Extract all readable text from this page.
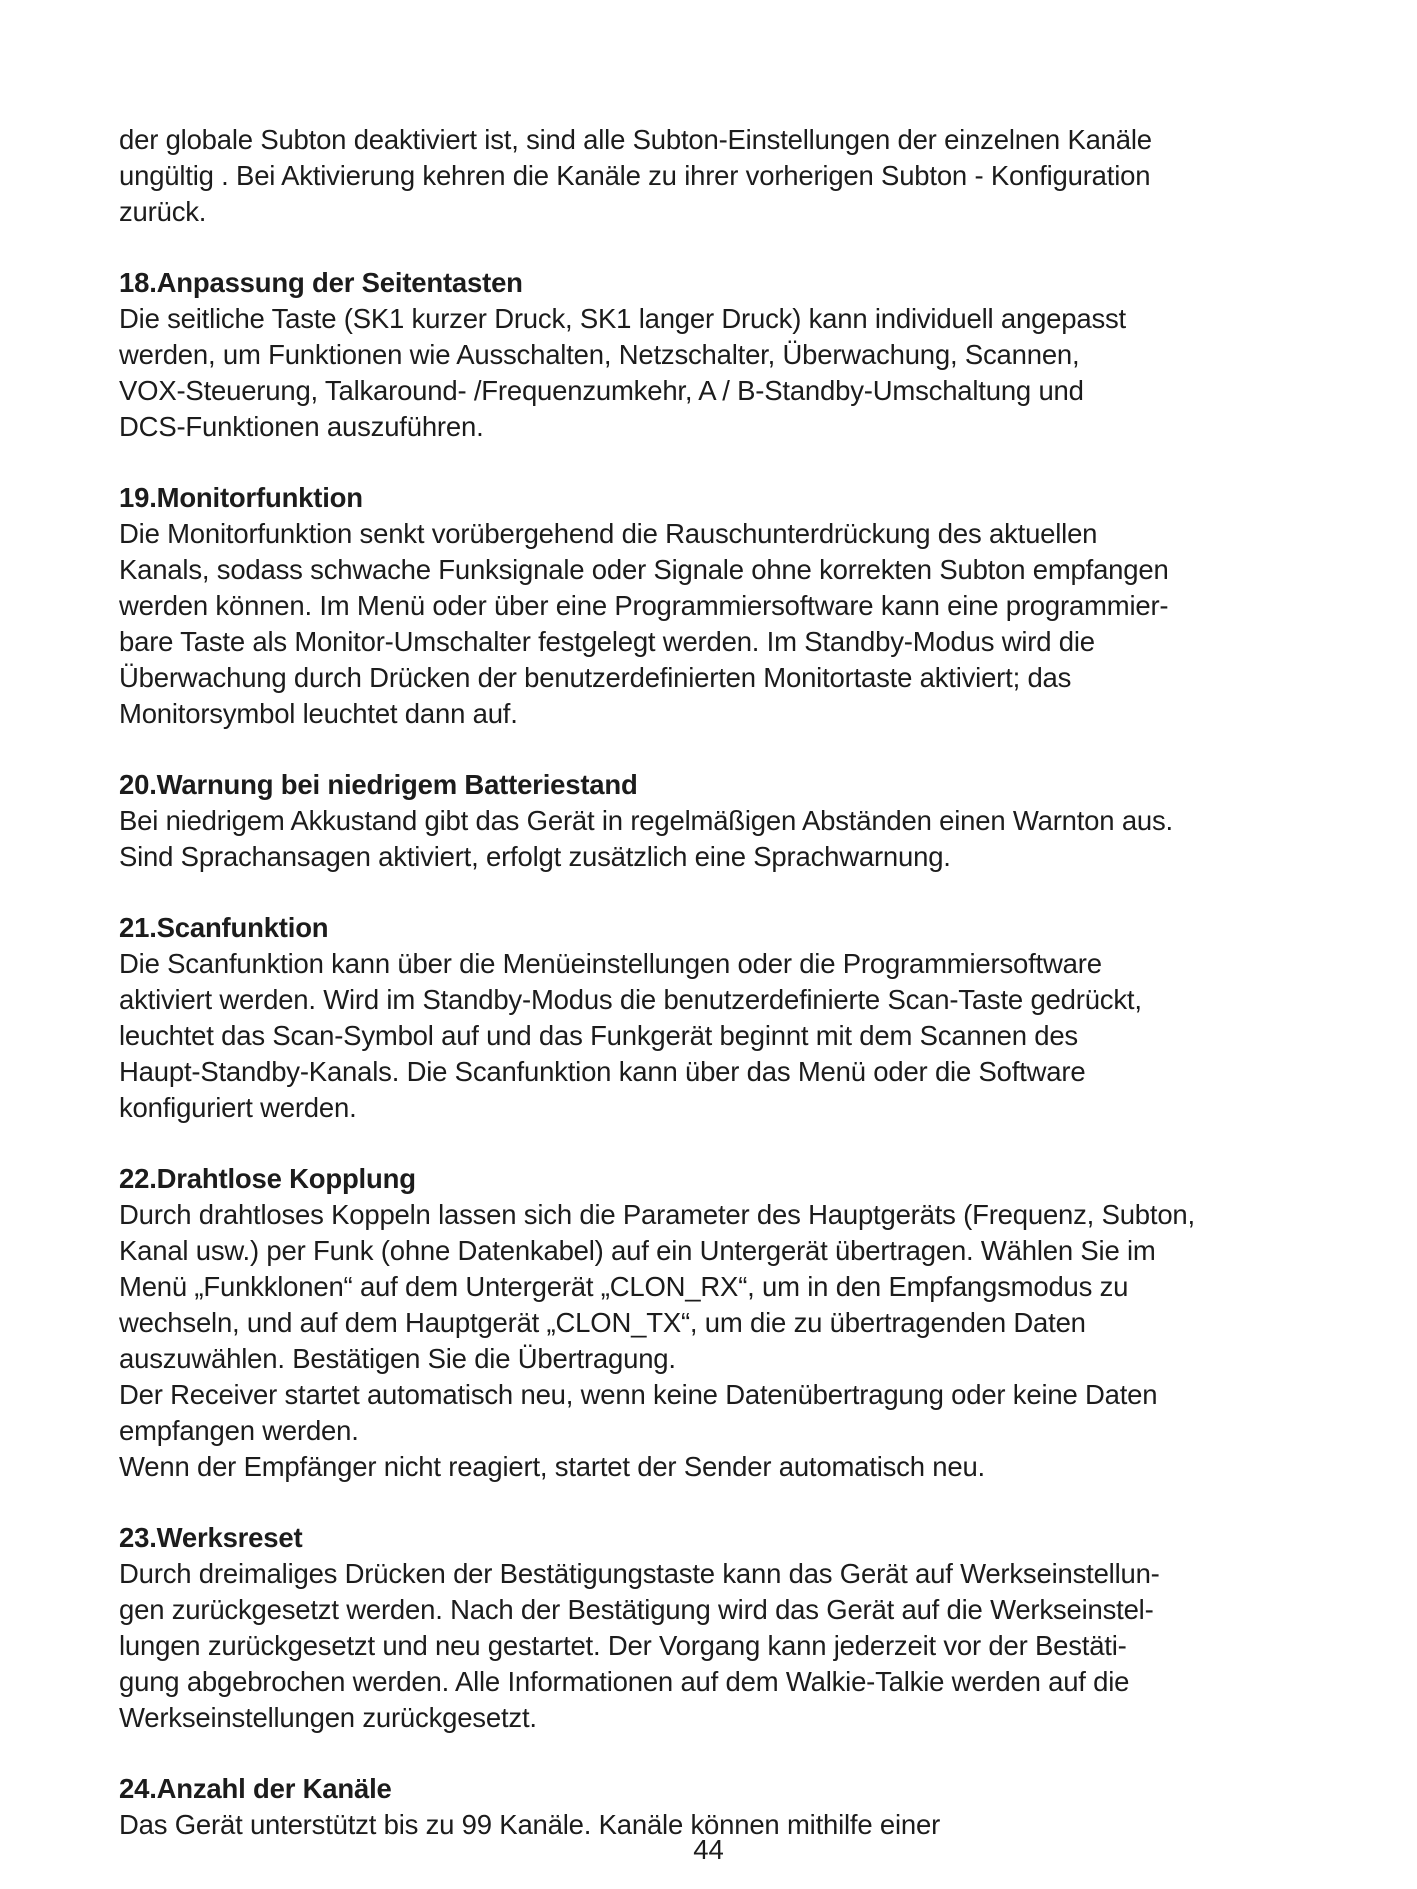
der globale Subton deaktiviert ist, sind alle Subton-Einstellungen der einzelnen Kanäle
ungültig . Bei Aktivierung kehren die Kanäle zu ihrer vorherigen Subton - Konfiguration
zurück.

18.Anpassung der Seitentasten

Die seitliche Taste (SK1 kurzer Druck, SK1 langer Druck) kann individuell angepasst
werden, um Funktionen wie Ausschalten, Netzschalter, Überwachung, Scannen,
VOX-Steuerung, Talkaround- /Frequenzumkehr, A / B-Standby-Umschaltung und
DCS-Funktionen auszuführen.

19.Monitorfunktion

Die Monitorfunktion senkt vorübergehend die Rauschunterdrückung des aktuellen
Kanals, sodass schwache Funksignale oder Signale ohne korrekten Subton empfangen
werden können. Im Menü oder über eine Programmiersoftware kann eine programmier-
bare Taste als Monitor-Umschalter festgelegt werden. Im Standby-Modus wird die
Überwachung durch Drücken der benutzerdefinierten Monitortaste aktiviert; das
Monitorsymbol leuchtet dann auf.

20.Warnung bei niedrigem Batteriestand

Bei niedrigem Akkustand gibt das Gerät in regelmäßigen Abständen einen Warnton aus.
Sind Sprachansagen aktiviert, erfolgt zusätzlich eine Sprachwarnung.

21.Scanfunktion

Die Scanfunktion kann über die Menüeinstellungen oder die Programmiersoftware
aktiviert werden. Wird im Standby-Modus die benutzerdefinierte Scan-Taste gedrückt,
leuchtet das Scan-Symbol auf und das Funkgerät beginnt mit dem Scannen des
Haupt-Standby-Kanals. Die Scanfunktion kann über das Menü oder die Software
konfiguriert werden.

22.Drahtlose Kopplung

Durch drahtloses Koppeln lassen sich die Parameter des Hauptgeräts (Frequenz, Subton,
Kanal usw.) per Funk (ohne Datenkabel) auf ein Untergerät übertragen. Wählen Sie im
Menü „Funkklonen“ auf dem Untergerät „CLON_RX“, um in den Empfangsmodus zu
wechseln, und auf dem Hauptgerät „CLON_TX“, um die zu übertragenden Daten
auszuwählen. Bestätigen Sie die Übertragung.
Der Receiver startet automatisch neu, wenn keine Datenübertragung oder keine Daten
empfangen werden.
Wenn der Empfänger nicht reagiert, startet der Sender automatisch neu.

23.Werksreset

Durch dreimaliges Drücken der Bestätigungstaste kann das Gerät auf Werkseinstellun-
gen zurückgesetzt werden. Nach der Bestätigung wird das Gerät auf die Werkseinstel-
lungen zurückgesetzt und neu gestartet. Der Vorgang kann jederzeit vor der Bestäti-
gung abgebrochen werden. Alle Informationen auf dem Walkie-Talkie werden auf die
Werkseinstellungen zurückgesetzt.

24.Anzahl der Kanäle

Das Gerät unterstützt bis zu 99 Kanäle. Kanäle können mithilfe einer

44
